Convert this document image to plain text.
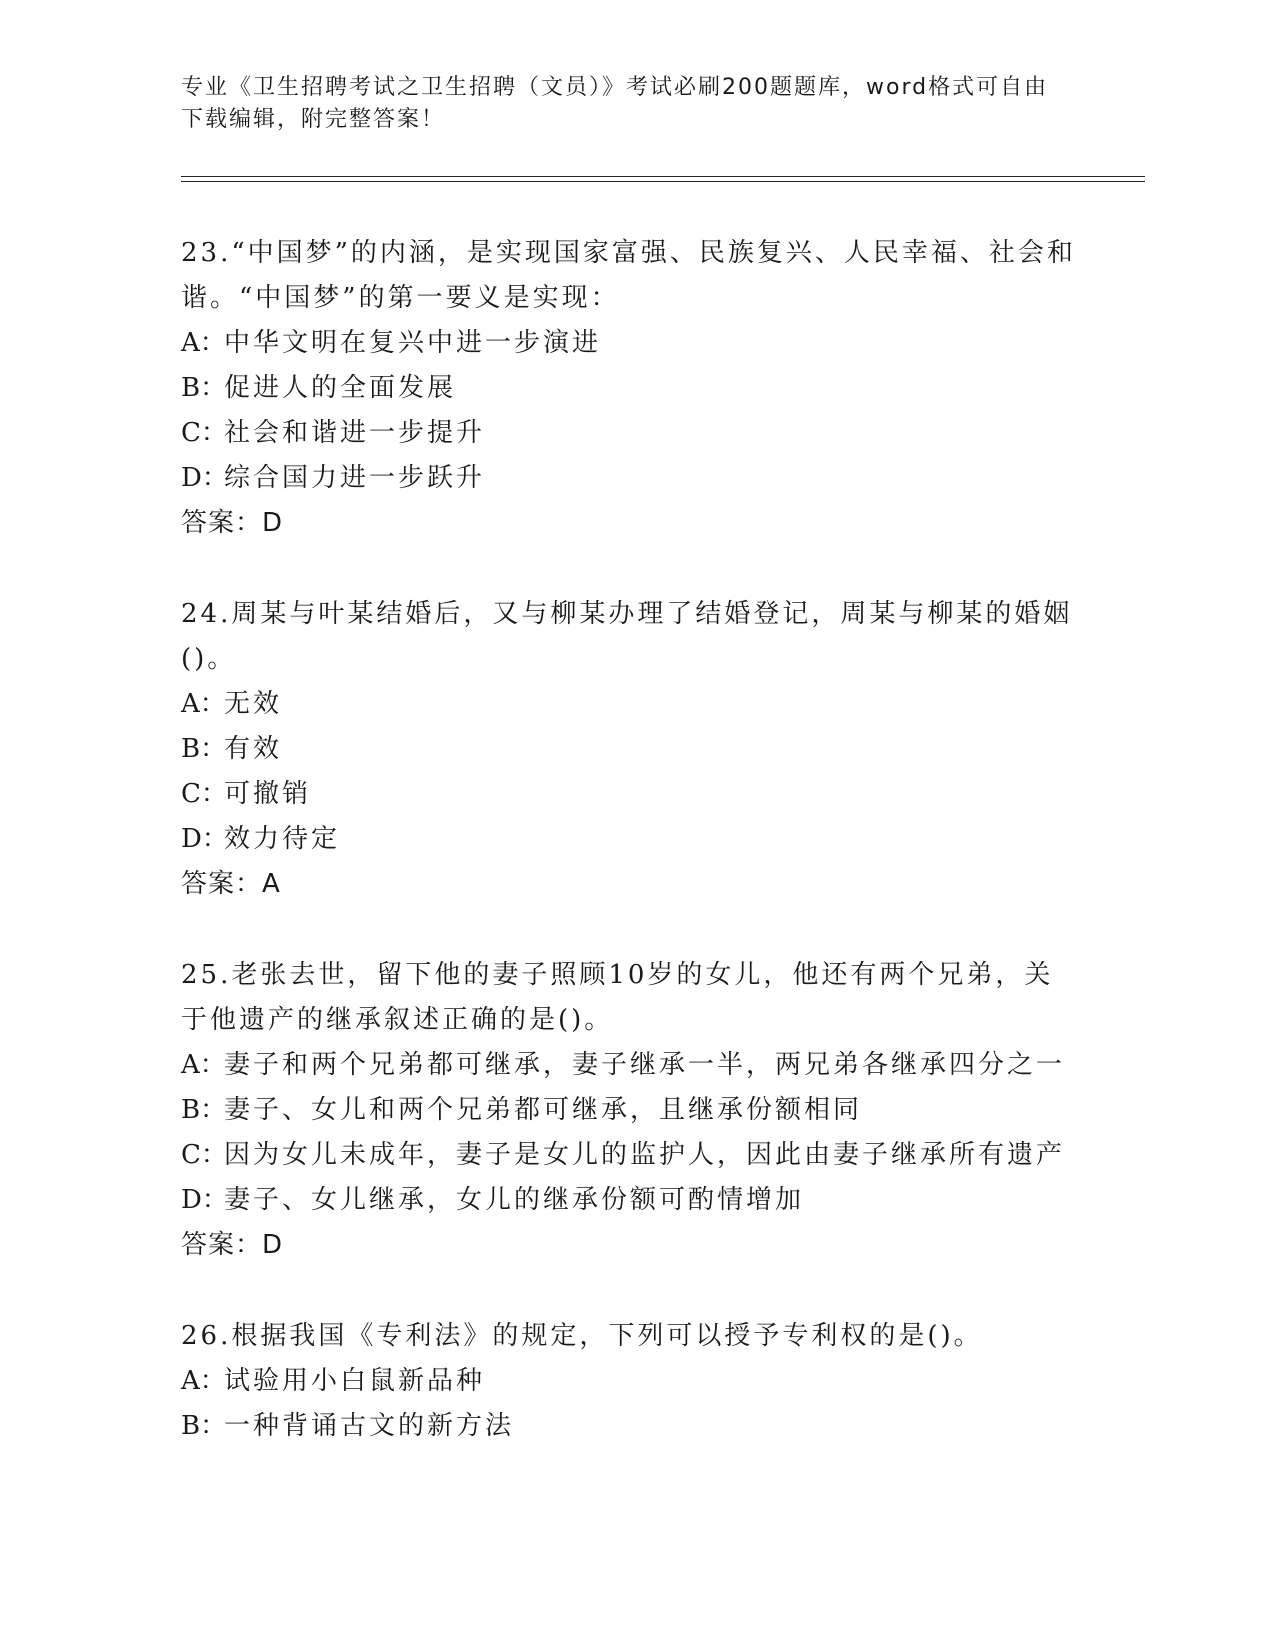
专业《卫生招聘考试之卫生招聘（文员）》考试必刷200题题库，word格式可自由下载编辑，附完整答案！
23.“中国梦”的内涵，是实现国家富强、民族复兴、人民幸福、社会和谐。“中国梦”的第一要义是实现：
A：
中华文明在复兴中进一步演进
B：
促进人的全面发展
C：
社会和谐进一步提升
D：
综合国力进一步跃升
答案：D
24.周某与叶某结婚后，又与柳某办理了结婚登记，周某与柳某的婚姻()。
A：
无效
B：
有效
C：
可撤销
D：
效力待定
答案：A
25.老张去世，留下他的妻子照顾10岁的女儿，他还有两个兄弟，关于他遗产的继承叙述正确的是()。
A：
妻子和两个兄弟都可继承，妻子继承一半，两兄弟各继承四分之一
B：
妻子、女儿和两个兄弟都可继承，且继承份额相同
C：
因为女儿未成年，妻子是女儿的监护人，因此由妻子继承所有遗产
D：
妻子、女儿继承，女儿的继承份额可酌情增加
答案：D
26.根据我国《专利法》的规定，下列可以授予专利权的是()。
A：
试验用小白鼠新品种
B：
一种背诵古文的新方法
